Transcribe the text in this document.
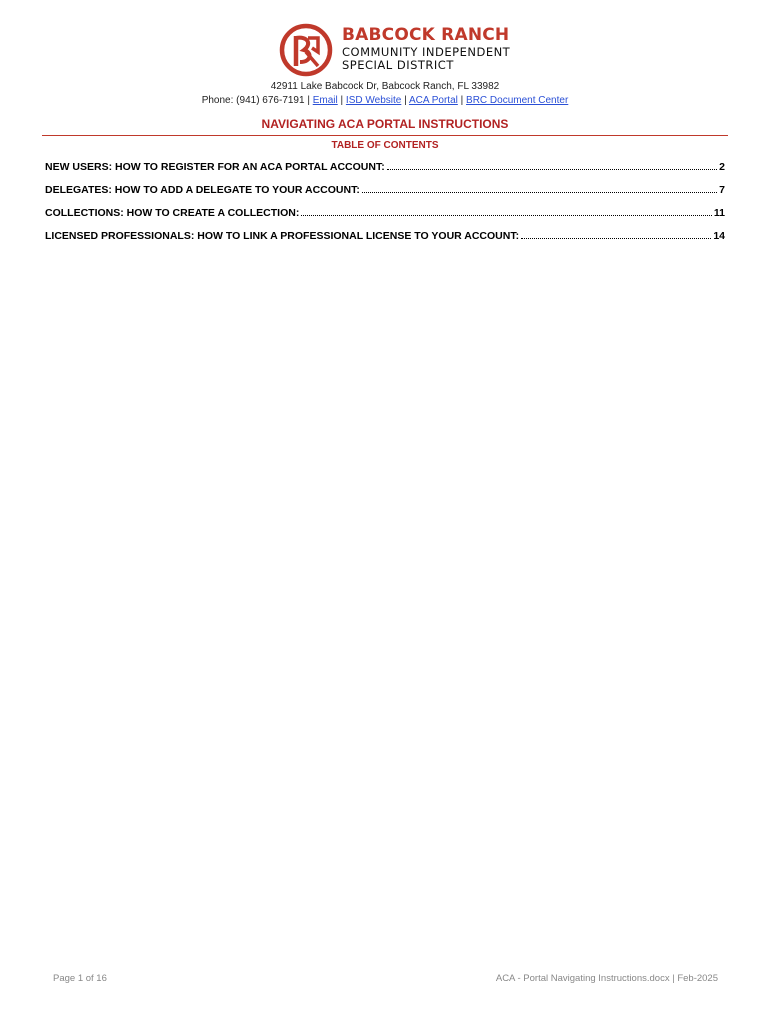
BABCOCK RANCH
COMMUNITY INDEPENDENT
SPECIAL DISTRICT
42911 Lake Babcock Dr, Babcock Ranch, FL 33982
Phone: (941) 676-7191 | Email | ISD Website | ACA Portal | BRC Document Center
NAVIGATING ACA PORTAL INSTRUCTIONS
TABLE OF CONTENTS
NEW USERS: HOW TO REGISTER FOR AN ACA PORTAL ACCOUNT:	2
DELEGATES: HOW TO ADD A DELEGATE TO YOUR ACCOUNT:	7
COLLECTIONS: HOW TO CREATE A COLLECTION:	11
LICENSED PROFESSIONALS: HOW TO LINK A PROFESSIONAL LICENSE TO YOUR ACCOUNT:	14
Page 1 of 16	ACA - Portal Navigating Instructions.docx | Feb-2025
